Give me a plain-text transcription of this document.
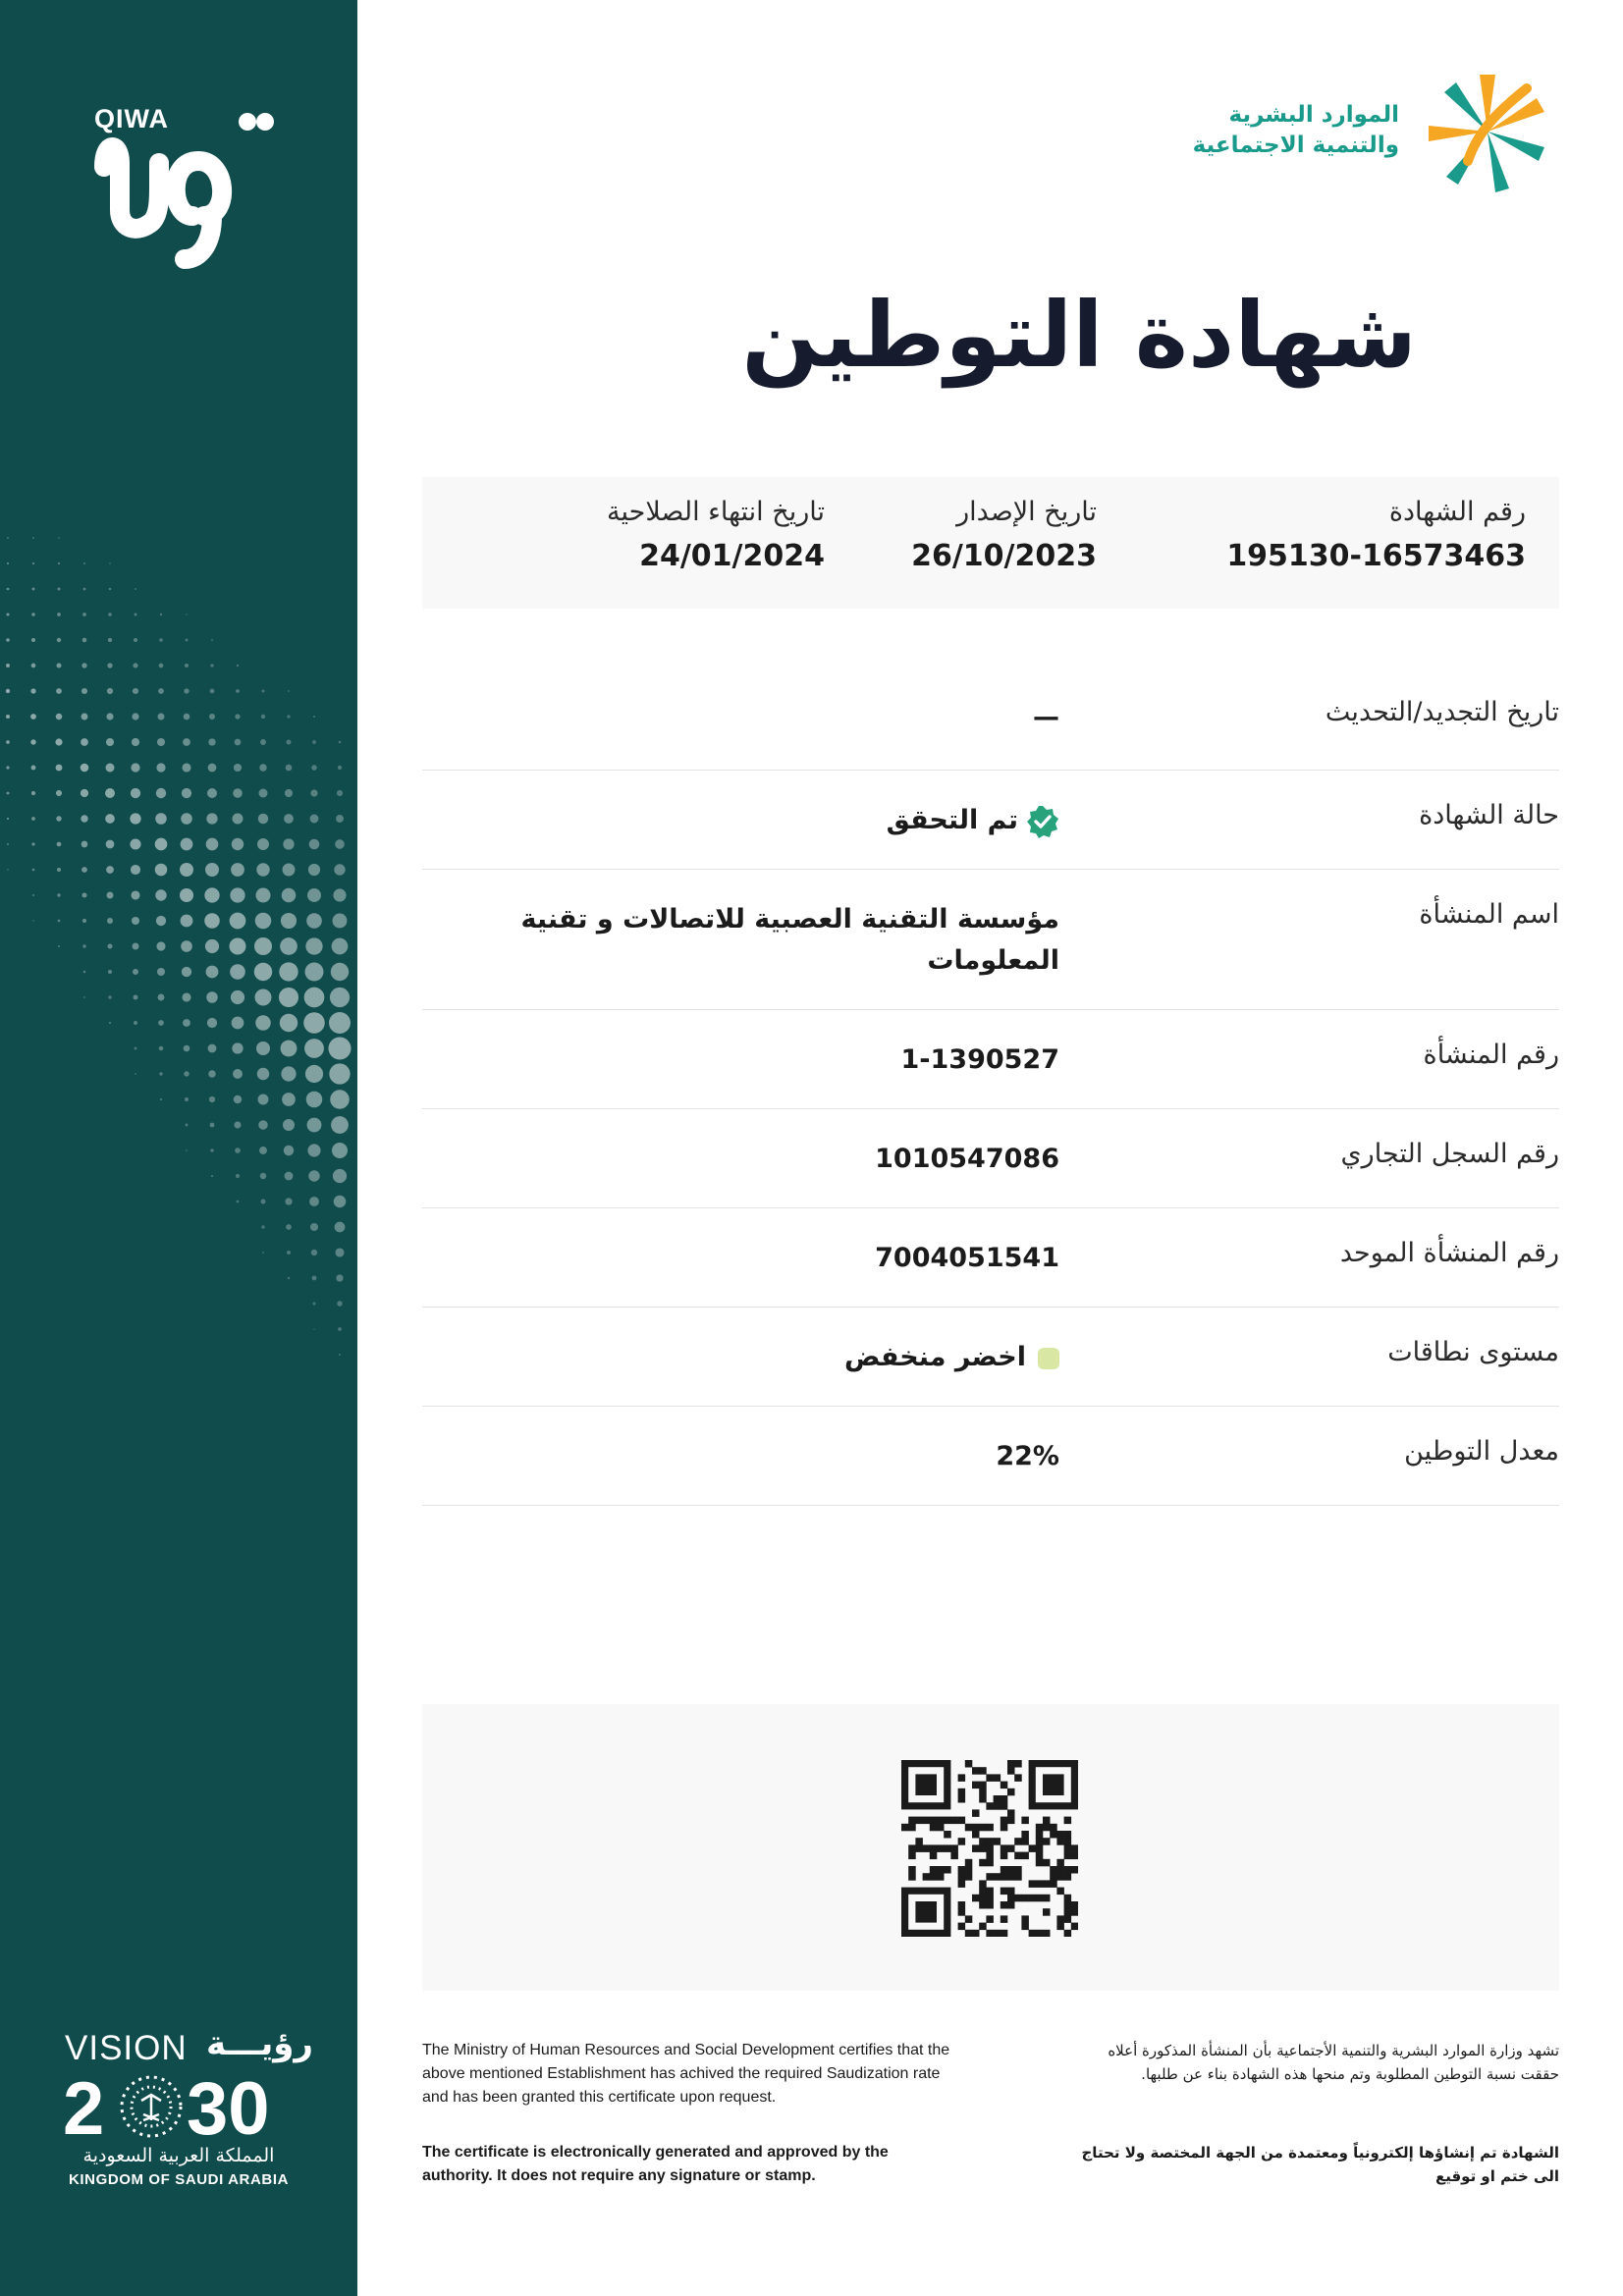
QIWA
VISION رؤيـــة
2 30
المملكة العربية السعودية
KINGDOM OF SAUDI ARABIA
الموارد البشرية
والتنمية الاجتماعية
شهادة التوطين
رقم الشهادة
195130-16573463
تاريخ الإصدار
26/10/2023
تاريخ انتهاء الصلاحية
24/01/2024
تاريخ التجديد/التحديث
—
حالة الشهادة
تم التحقق
اسم المنشأة
مؤسسة التقنية العصبية للاتصالات و تقنية المعلومات
رقم المنشأة
1-1390527
رقم السجل التجاري
1010547086
رقم المنشأة الموحد
7004051541
مستوى نطاقات
اخضر منخفض
معدل التوطين
22%
The Ministry of Human Resources and Social Development certifies that the above mentioned Establishment has achived the required Saudization rate and has been granted this certificate upon request.
The certificate is electronically generated and approved by the authority. It does not require any signature or stamp.
تشهد وزارة الموارد البشرية والتنمية الأجتماعية بأن المنشأة المذكورة أعلاه حققت نسبة التوطين المطلوبة وتم منحها هذه الشهادة بناء عن طلبها.
الشهادة تم إنشاؤها إلكترونياً ومعتمدة من الجهة المختصة ولا تحتاج الى ختم او توقيع
